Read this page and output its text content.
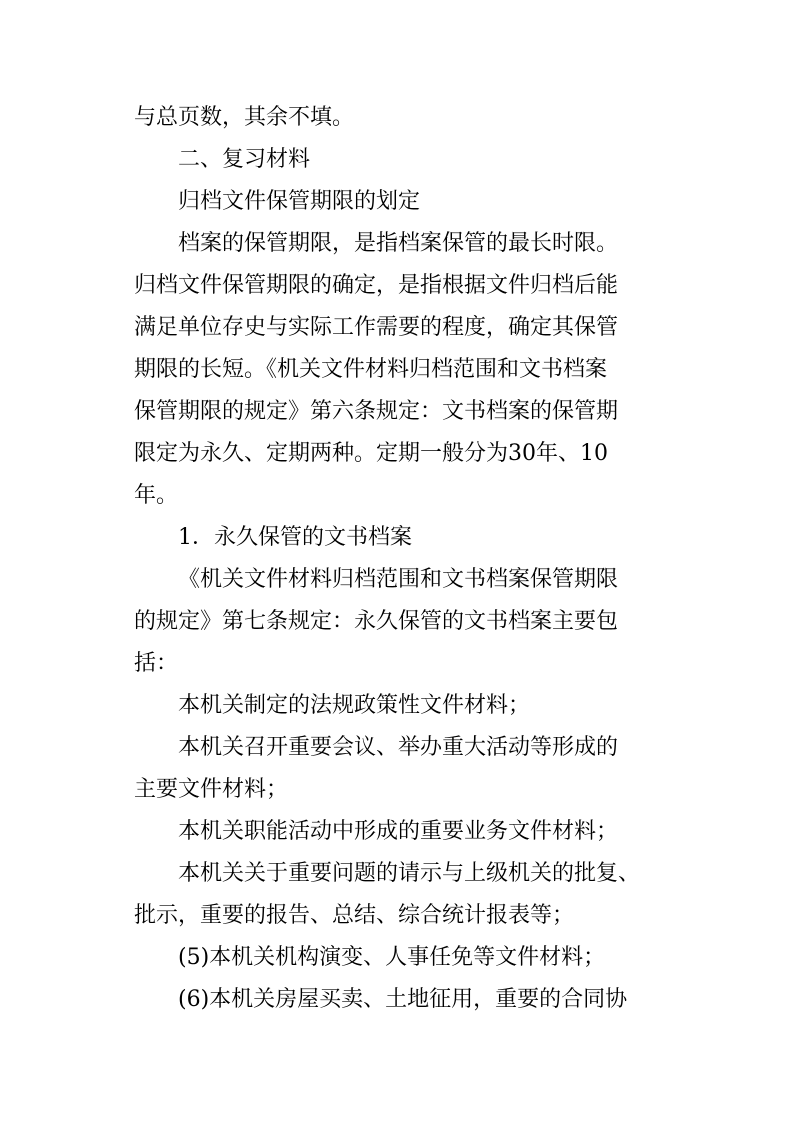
与总页数，其余不填。
二、复习材料
归档文件保管期限的划定
档案的保管期限，是指档案保管的最长时限。
归档文件保管期限的确定，是指根据文件归档后能
满足单位存史与实际工作需要的程度，确定其保管
期限的长短。《机关文件材料归档范围和文书档案
保管期限的规定》第六条规定：文书档案的保管期
限定为永久、定期两种。定期一般分为30年、10
年。
1．永久保管的文书档案
《机关文件材料归档范围和文书档案保管期限
的规定》第七条规定：永久保管的文书档案主要包
括：
本机关制定的法规政策性文件材料；
本机关召开重要会议、举办重大活动等形成的
主要文件材料；
本机关职能活动中形成的重要业务文件材料；
本机关关于重要问题的请示与上级机关的批复、
批示，重要的报告、总结、综合统计报表等；
(5)本机关机构演变、人事任免等文件材料；
(6)本机关房屋买卖、土地征用，重要的合同协
